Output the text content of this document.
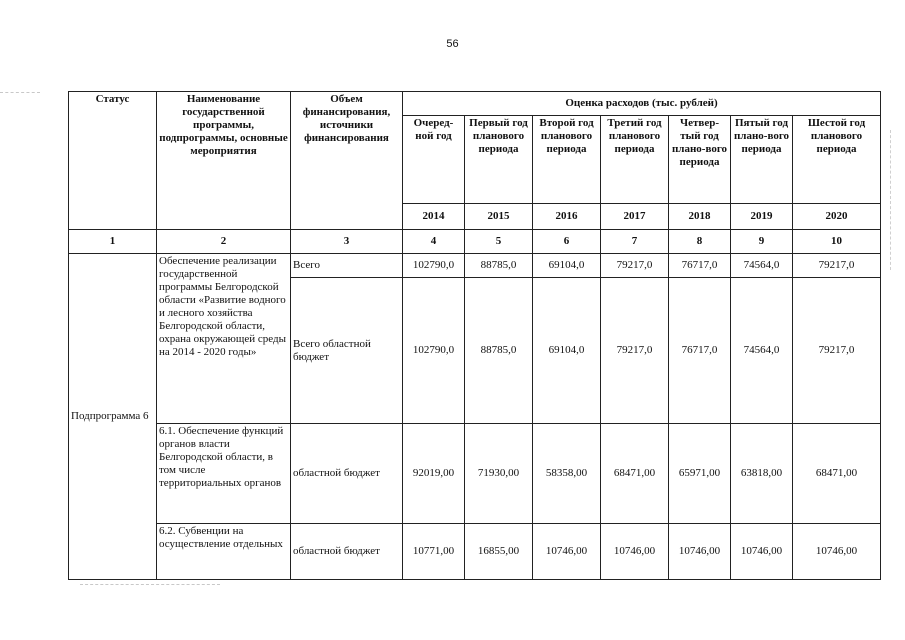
56
Статус	Наименование государственной программы, подпрограммы, основные мероприятия	Объем финансирования, источники финансирования	Оценка расходов (тыс. рублей)						
			Очеред-ной год	Первый год планового периода	Второй год планового периода	Третий год планового периода	Четвер-тый год плано-вого периода	Пятый год плано-вого периода	Шестой год планового периода
			2014	2015	2016	2017	2018	2019	2020
1	2	3	4	5	6	7	8	9	10
Подпрограмма 6	Обеспечение реализации государственной программы Белгородской области «Развитие водного и лесного хозяйства Белгородской области, охрана окружающей среды на 2014 - 2020 годы»	Всего	102790,0	88785,0	69104,0	79217,0	76717,0	74564,0	79217,0
		Всего областной бюджет	102790,0	88785,0	69104,0	79217,0	76717,0	74564,0	79217,0
	6.1. Обеспечение функций органов власти Белгородской области, в том числе территориальных органов	областной бюджет	92019,00	71930,00	58358,00	68471,00	65971,00	63818,00	68471,00
	6.2. Субвенции на осуществление отдельных	областной бюджет	10771,00	16855,00	10746,00	10746,00	10746,00	10746,00	10746,00
